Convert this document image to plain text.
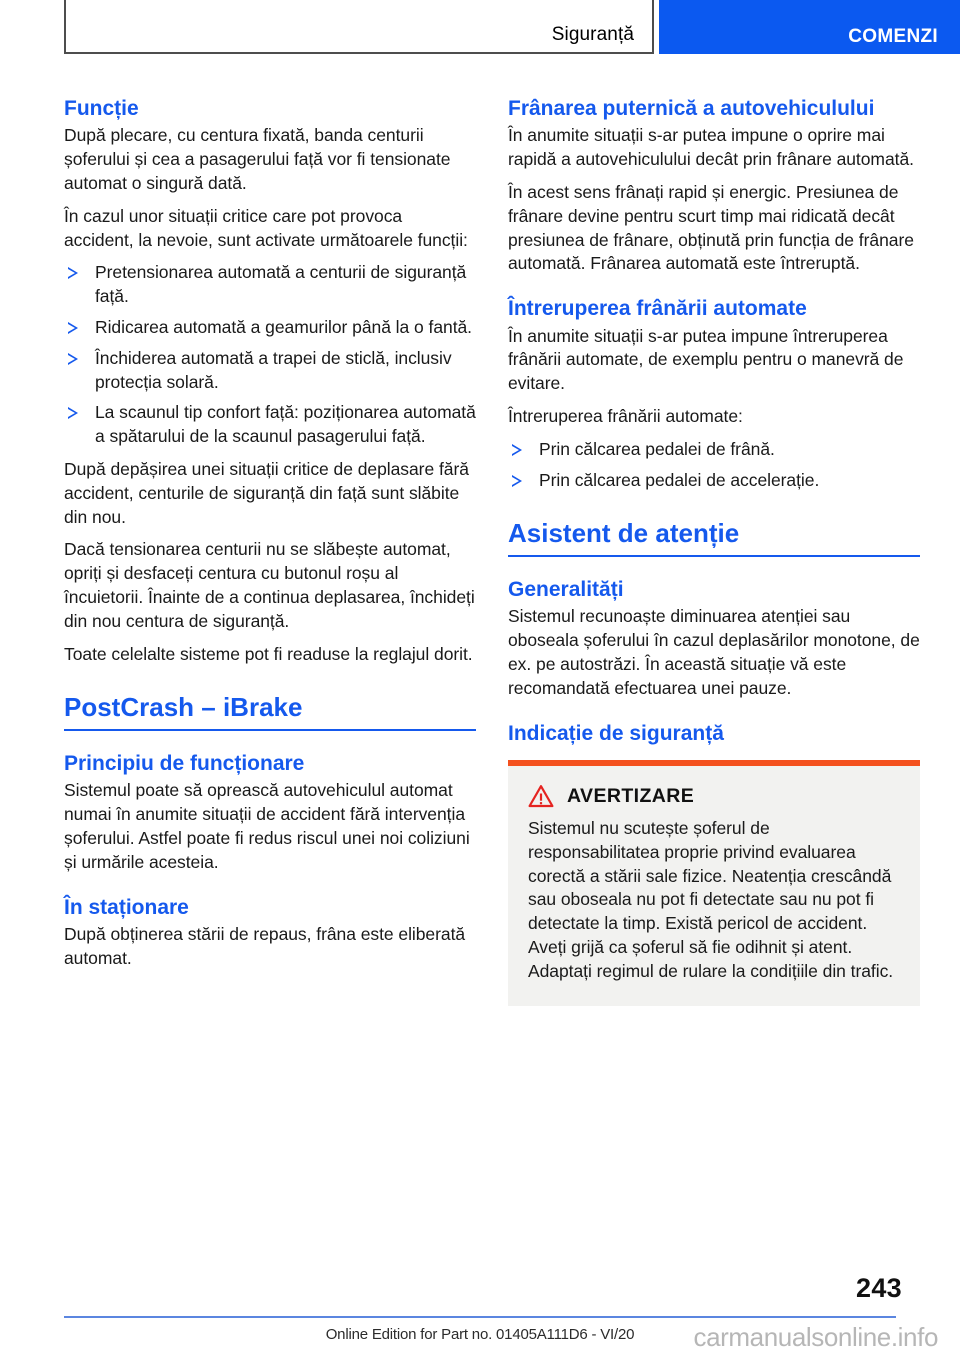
Siguranță	COMENZI
Funcție

După plecare, cu centura fixată, banda centurii șoferului și cea a pasagerului față vor fi tensionate automat o singură dată.

În cazul unor situații critice care pot provoca accident, la nevoie, sunt activate următoarele funcții:

Pretensionarea automată a centurii de siguranță față.
Ridicarea automată a geamurilor până la o fantă.
Închiderea automată a trapei de sticlă, inclusiv protecția solară.
La scaunul tip confort față: poziționarea automată a spătarului de la scaunul pasagerului față.

După depășirea unei situații critice de deplasare fără accident, centurile de siguranță din față sunt slăbite din nou.

Dacă tensionarea centurii nu se slăbește automat, opriți și desfaceți centura cu butonul roșu al încuietorii. Înainte de a continua deplasarea, închideți din nou centura de siguranță.

Toate celelalte sisteme pot fi readuse la reglajul dorit.

PostCrash – iBrake
Principiu de funcționare

Sistemul poate să oprească autovehiculul automat numai în anumite situații de accident fără intervenția șoferului. Astfel poate fi redus riscul unei noi coliziuni și urmările acesteia.

În staționare

După obținerea stării de repaus, frâna este eliberată automat.

Frânarea puternică a autovehiculului

În anumite situații s-ar putea impune o oprire mai rapidă a autovehiculului decât prin frânare automată.

În acest sens frânați rapid și energic. Presiunea de frânare devine pentru scurt timp mai ridicată decât presiunea de frânare, obținută prin funcția de frânare automată. Frânarea automată este întreruptă.

Întreruperea frânării automate

În anumite situații s-ar putea impune întreruperea frânării automate, de exemplu pentru o manevră de evitare.

Întreruperea frânării automate:

Prin călcarea pedalei de frână.
Prin călcarea pedalei de accelerație.
Asistent de atenție
Generalități

Sistemul recunoaște diminuarea atenției sau oboseala șoferului în cazul deplasărilor monotone, de ex. pe autostrăzi. În această situație vă este recomandată efectuarea unei pauze.

Indicație de siguranță
AVERTIZARE

Sistemul nu scutește șoferul de responsabilitatea proprie privind evaluarea corectă a stării sale fizice. Neatenția crescândă sau oboseala nu pot fi detectate sau nu pot fi detectate la timp. Există pericol de accident. Aveți grijă ca șoferul să fie odihnit și atent. Adaptați regimul de rulare la condițiile din trafic.

243
Online Edition for Part no. 01405A111D6 - VI/20	carmanualsonline.info
